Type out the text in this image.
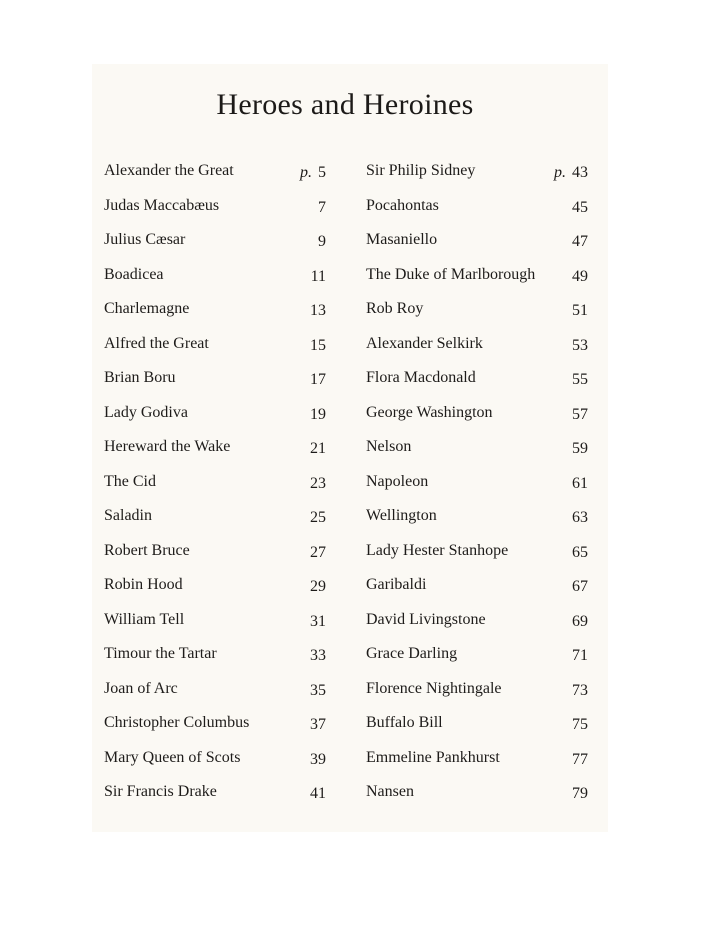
Heroes and Heroines
Alexander the Great	p. 5
Judas Maccabæus	7
Julius Cæsar	9
Boadicea	11
Charlemagne	13
Alfred the Great	15
Brian Boru	17
Lady Godiva	19
Hereward the Wake	21
The Cid	23
Saladin	25
Robert Bruce	27
Robin Hood	29
William Tell	31
Timour the Tartar	33
Joan of Arc	35
Christopher Columbus	37
Mary Queen of Scots	39
Sir Francis Drake	41
Sir Philip Sidney	p. 43
Pocahontas	45
Masaniello	47
The Duke of Marlborough 49
Rob Roy	51
Alexander Selkirk	53
Flora Macdonald	55
George Washington	57
Nelson	59
Napoleon	61
Wellington	63
Lady Hester Stanhope	65
Garibaldi	67
David Livingstone	69
Grace Darling	71
Florence Nightingale	73
Buffalo Bill	75
Emmeline Pankhurst	77
Nansen	79
